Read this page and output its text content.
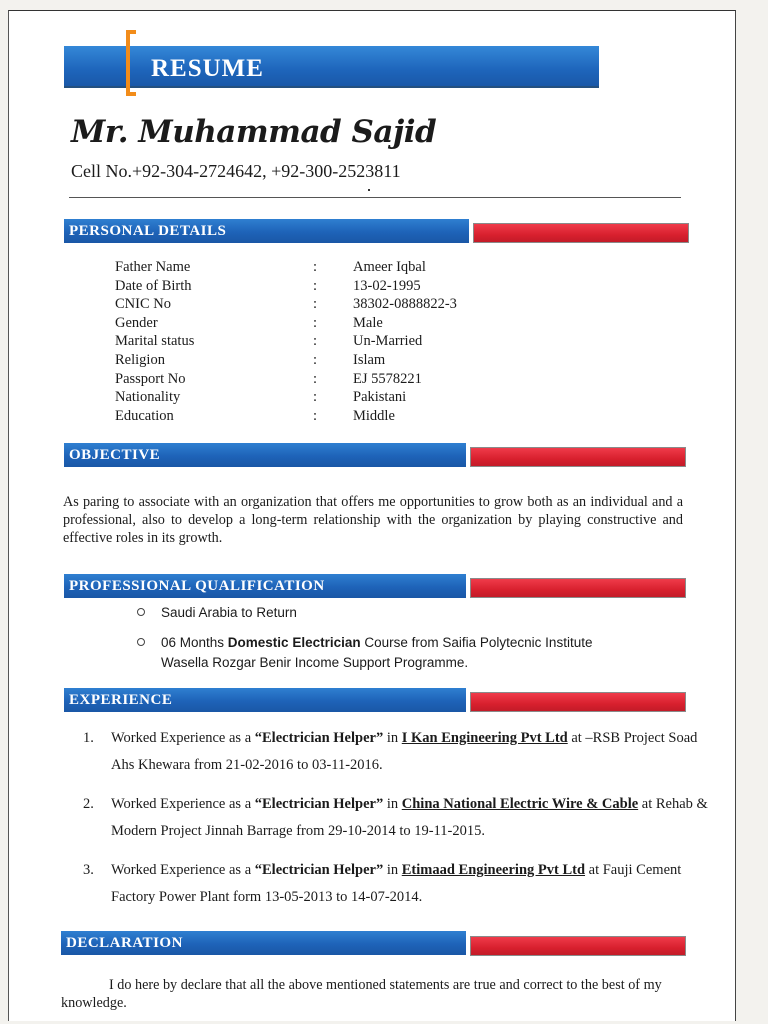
RESUME
Mr. Muhammad Sajid
Cell No.+92-304-2724642, +92-300-2523811
PERSONAL DETAILS
Father Name	:	Ameer Iqbal
Date of Birth	:	13-02-1995
CNIC No	:	38302-0888822-3
Gender	:	Male
Marital status	:	Un-Married
Religion	:	Islam
Passport No	:	EJ 5578221
Nationality	:	Pakistani
Education	:	Middle
OBJECTIVE
As paring to associate with an organization that offers me opportunities to grow both as an individual and a professional, also to develop a long-term relationship with the organization by playing constructive and effective roles in its growth.
PROFESSIONAL QUALIFICATION
Saudi Arabia to Return
06 Months Domestic Electrician Course from Saifia Polytecnic Institute
Wasella Rozgar Benir Income Support Programme.
EXPERIENCE
1. Worked Experience as a “Electrician Helper” in I Kan Engineering Pvt Ltd at –RSB Project Soad Ahs Khewara from 21-02-2016 to 03-11-2016.
2. Worked Experience as a “Electrician Helper” in China National Electric Wire & Cable at Rehab & Modern Project Jinnah Barrage from 29-10-2014 to 19-11-2015.
3. Worked Experience as a “Electrician Helper” in Etimaad Engineering Pvt Ltd at Fauji Cement Factory Power Plant form 13-05-2013 to 14-07-2014.
DECLARATION
I do here by declare that all the above mentioned statements are true and correct to the best of my knowledge.
